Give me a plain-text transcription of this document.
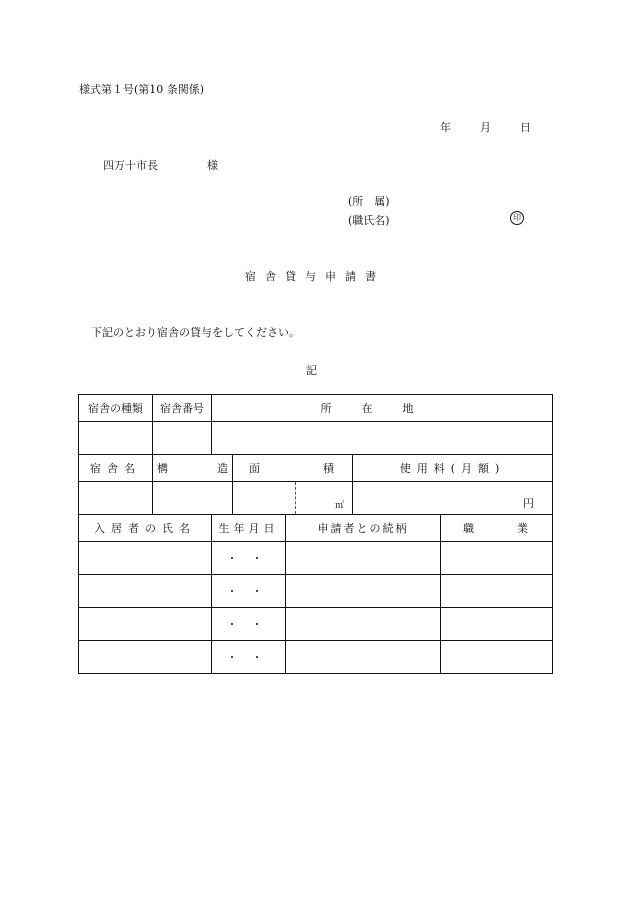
様式第１号(第10 条関係)
年	月	日
四万十市長	様
(所　属)
(職氏名)	印
宿舎貸与申請書
下記のとおり宿舎の貸与をしてください。
記
宿舎の種類	宿舎番号	所在地				

宿舎名	構 造		面 積		使用料(月額)	

			㎡		円	

入居者の氏名		生年月日		申請者との続柄		職 業

		・・				
		・・				
		・・				
		・・				
